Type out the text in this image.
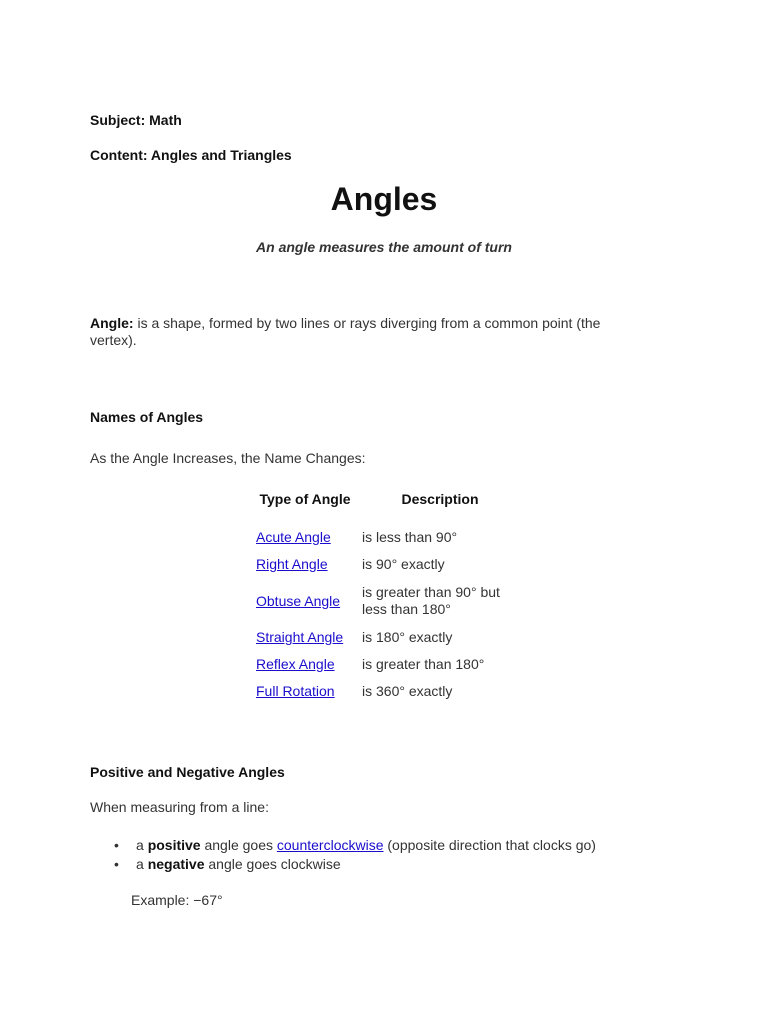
Subject: Math
Content: Angles and Triangles
Angles
An angle measures the amount of turn
Angle: is a shape, formed by two lines or rays diverging from a common point (the vertex).
Names of Angles
As the Angle Increases, the Name Changes:
Type of Angle	Description
Acute Angle	is less than 90°
Right Angle	is 90° exactly
Obtuse Angle	is greater than 90° but less than 180°
Straight Angle	is 180° exactly
Reflex Angle	is greater than 180°
Full Rotation	is 360° exactly
Positive and Negative Angles
When measuring from a line:
• a positive angle goes counterclockwise (opposite direction that clocks go)
• a negative angle goes clockwise
Example: −67°
